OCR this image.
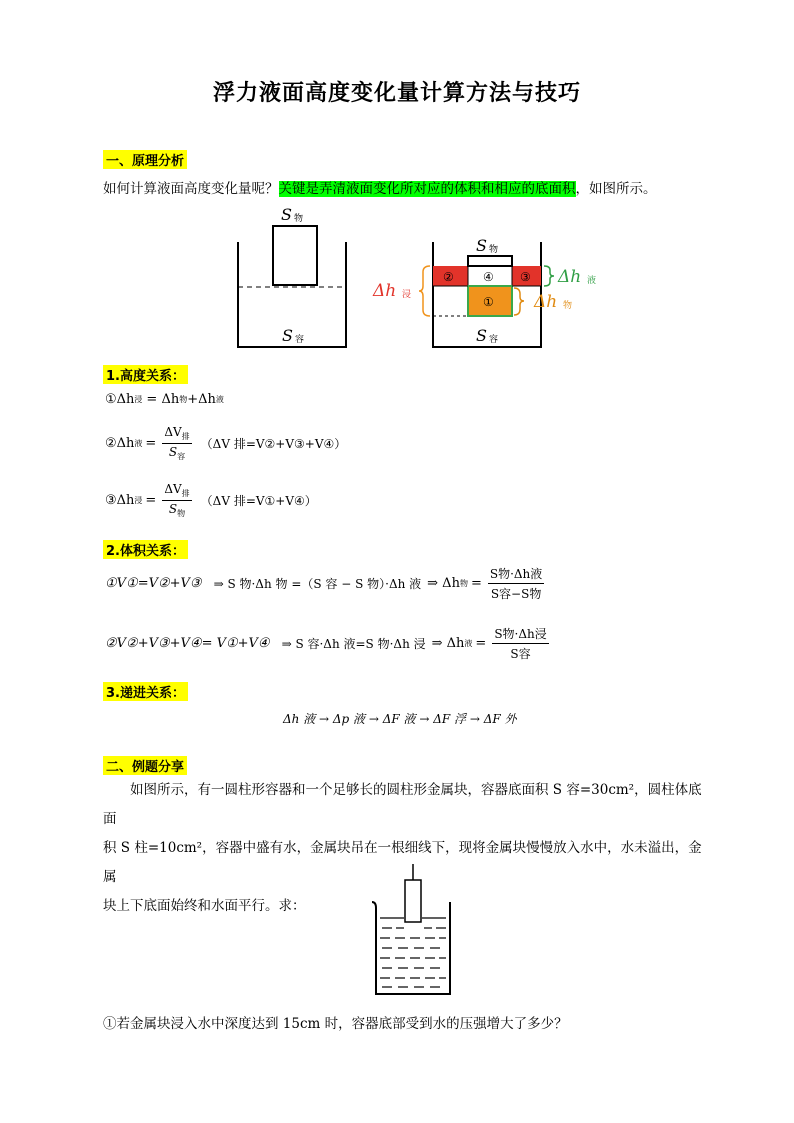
浮力液面高度变化量计算方法与技巧
一、原理分析
如何计算液面高度变化量呢？关键是弄清液面变化所对应的体积和相应的底面积，如图所示。
S 物
S 容
② ④ ③
①
S 物
S 容
Δh 浸
Δh 液
Δh 物
1.高度关系：
①Δh 浸 = Δh 物 +Δh 液
②Δh 液 = $\frac{\Delta V_排}{S_容} (\Delta V$ 排=V②+V③+V④）
③Δh 浸 = $\frac{\Delta V_排}{S_物} (\Delta V$ 排=V①+V④）
2.体积关系：
①V①=V②+V③ ⇒ S 物·Δh 物 =（S 容 − S 物）·Δh 液 ⇒ Δh 物 = $\frac{\text{S物·Δh液}}{\text{S容−S物}}$
②V②+V③+V④= V①+V④ ⇒ S 容·Δh 液=S 物·Δh 浸 ⇒ Δh 液 = $\frac{\text{S物·Δh浸}}{\text{S容}}$
3.递进关系：
Δh 液 → Δp 液 → ΔF 液 → ΔF 浮 → ΔF 外
二、例题分享
如图所示，有一圆柱形容器和一个足够长的圆柱形金属块，容器底面积 S 容=30cm²，圆柱体底面
积 S 柱=10cm²，容器中盛有水，金属块吊在一根细线下，现将金属块慢慢放入水中，水未溢出，金属
块上下底面始终和水面平行。求：
①若金属块浸入水中深度达到 15cm 时，容器底部受到水的压强增大了多少？
